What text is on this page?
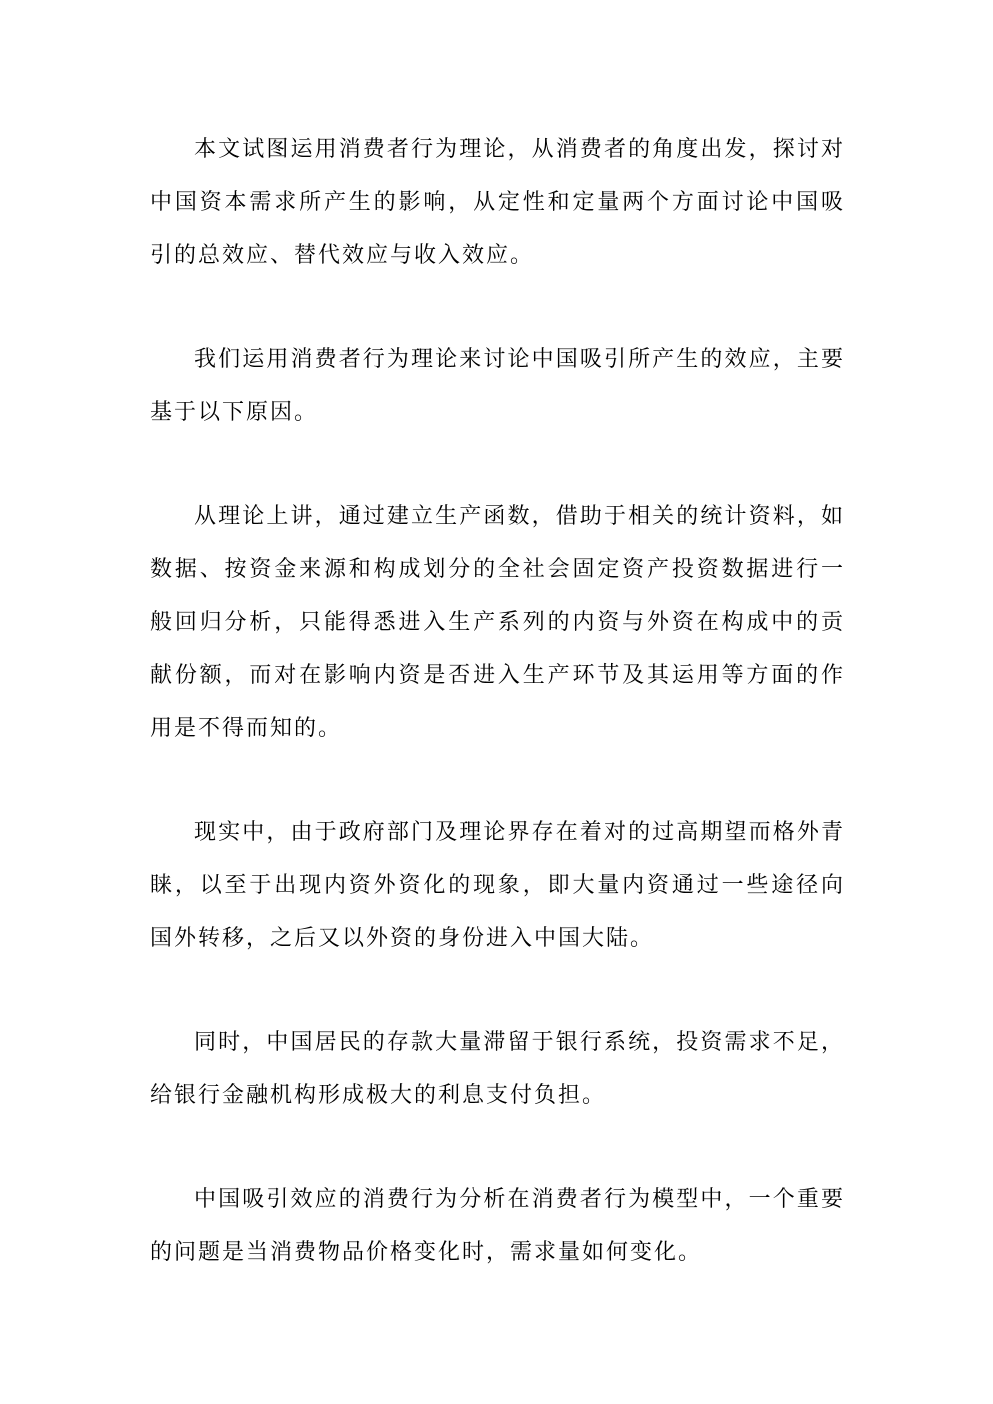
本文试图运用消费者行为理论，从消费者的角度出发，探讨对中国资本需求所产生的影响，从定性和定量两个方面讨论中国吸引的总效应、替代效应与收入效应。

我们运用消费者行为理论来讨论中国吸引所产生的效应，主要基于以下原因。

从理论上讲，通过建立生产函数，借助于相关的统计资料，如数据、按资金来源和构成划分的全社会固定资产投资数据进行一般回归分析，只能得悉进入生产系列的内资与外资在构成中的贡献份额，而对在影响内资是否进入生产环节及其运用等方面的作用是不得而知的。

现实中，由于政府部门及理论界存在着对的过高期望而格外青睐，以至于出现内资外资化的现象，即大量内资通过一些途径向国外转移，之后又以外资的身份进入中国大陆。

同时，中国居民的存款大量滞留于银行系统，投资需求不足，给银行金融机构形成极大的利息支付负担。

中国吸引效应的消费行为分析在消费者行为模型中，一个重要的问题是当消费物品价格变化时，需求量如何变化。
